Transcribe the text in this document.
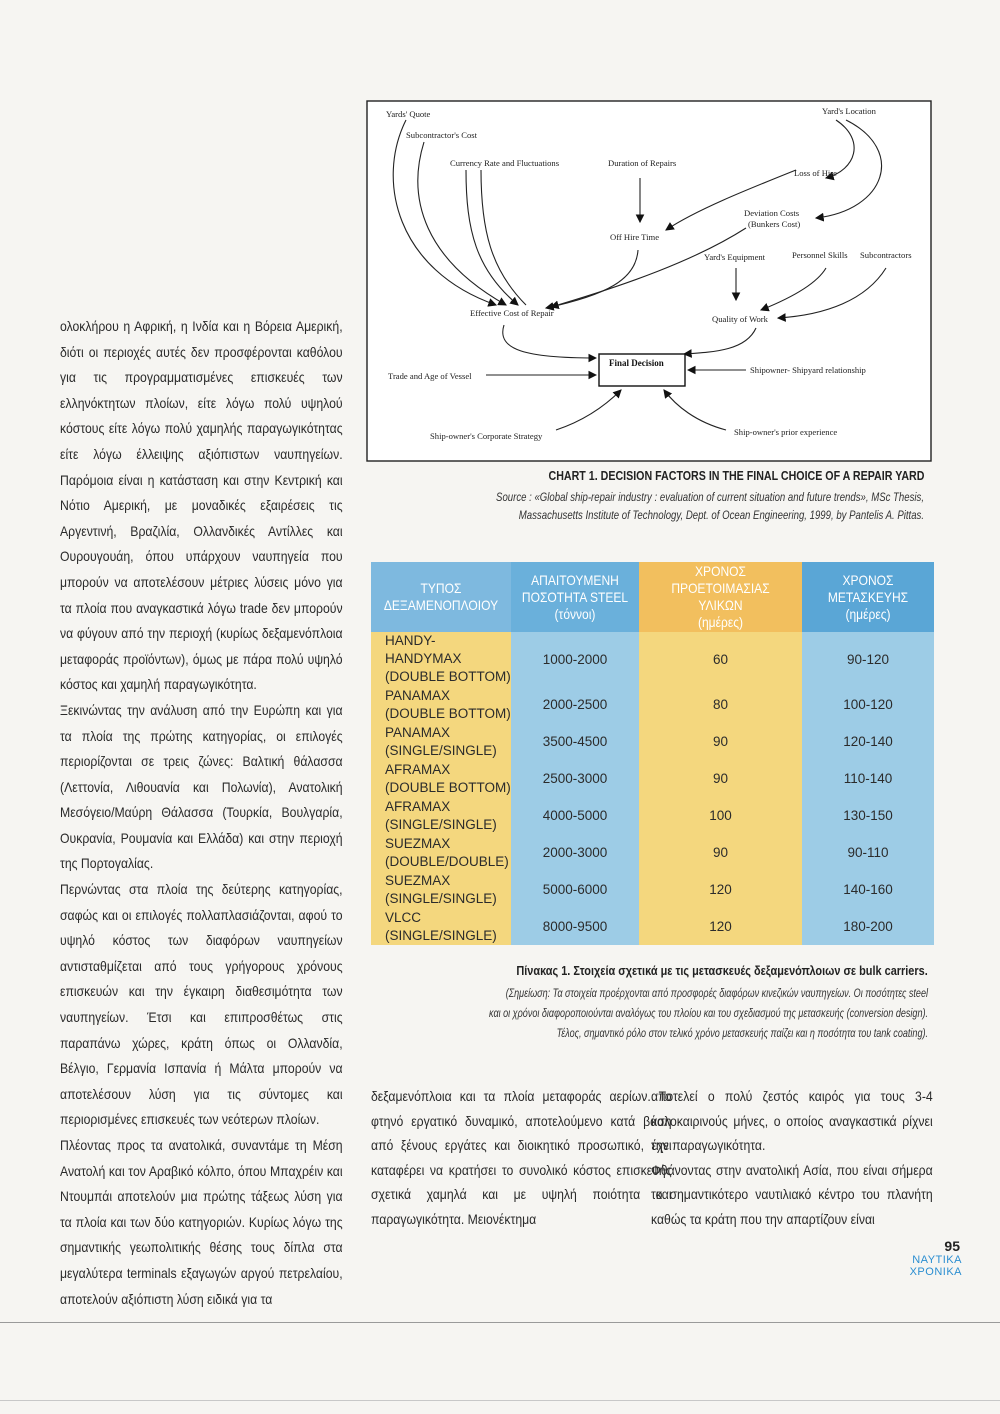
ολοκλήρου η Αφρική, η Ινδία και η Βόρεια Αμερική, διότι οι περιοχές αυτές δεν προσφέρονται καθόλου για τις προγραμματισμένες επισκευές των ελληνόκτητων πλοίων, είτε λόγω πολύ υψηλού κόστους είτε λόγω πολύ χαμηλής παραγωγικότητας είτε λόγω έλλειψης αξιόπιστων ναυπηγείων. Παρόμοια είναι η κατάσταση και στην Κεντρική και Νότιο Αμερική, με μοναδικές εξαιρέσεις τις Αργεντινή, Βραζιλία, Ολλανδικές Αντίλλες και Ουρουγουάη, όπου υπάρχουν ναυπηγεία που μπορούν να αποτελέσουν μέτριες λύσεις μόνο για τα πλοία που αναγκαστικά λόγω trade δεν μπορούν να φύγουν από την περιοχή (κυρίως δεξαμενόπλοια μεταφοράς προϊόντων), όμως με πάρα πολύ υψηλό κόστος και χαμηλή παραγωγικότητα.

Ξεκινώντας την ανάλυση από την Ευρώπη και για τα πλοία της πρώτης κατηγορίας, οι επιλογές περιορίζονται σε τρεις ζώνες: Βαλτική θάλασσα (Λεττονία, Λιθουανία και Πολωνία), Ανατολική Μεσόγειο/Μαύρη Θάλασσα (Τουρκία, Βουλγαρία, Ουκρανία, Ρουμανία και Ελλάδα) και στην περιοχή της Πορτογαλίας.

Περνώντας στα πλοία της δεύτερης κατηγορίας, σαφώς και οι επιλογές πολλαπλασιάζονται, αφού το υψηλό κόστος των διαφόρων ναυπηγείων αντισταθμίζεται από τους γρήγορους χρόνους επισκευών και την έγκαιρη διαθεσιμότητα των ναυπηγείων. Έτσι και επιπροσθέτως στις παραπάνω χώρες, κράτη όπως οι Ολλανδία, Βέλγιο, Γερμανία Ισπανία ή Μάλτα μπορούν να αποτελέσουν λύση για τις σύντομες και περιορισμένες επισκευές των νεότερων πλοίων.

Πλέοντας προς τα ανατολικά, συναντάμε τη Μέση Ανατολή και τον Αραβικό κόλπο, όπου Μπαχρέιν και Ντουμπάι αποτελούν μια πρώτης τάξεως λύση για τα πλοία και των δύο κατηγοριών. Κυρίως λόγω της σημαντικής γεωπολιτικής θέσης τους δίπλα στα μεγαλύτερα terminals εξαγωγών αργού πετρελαίου, αποτελούν αξιόπιστη λύση ειδικά για τα

Yards' Quote
Subcontractor's Cost
Currency Rate and Fluctuations	Duration of Repairs
Yard's Location
Loss of Hire
Deviation Costs
(Bunkers Cost)
Off Hire Time
Yard's Equipment	Personnel Skills Subcontractors
Effective Cost of Repair
Quality of Work
Final Decision
Trade and Age of Vessel
Shipowner- Shipyard relationship
Ship-owner's Corporate Strategy	Ship-owner's prior experience
CHART 1. DECISION FACTORS IN THE FINAL CHOICE OF A REPAIR YARD
Source : «Global ship-repair industry : evaluation of current situation and future trends», MSc Thesis,
Massachusetts Institute of Technology, Dept. of Ocean Engineering, 1999, by Pantelis A. Pittas.
ΤΥΠΟΣ
ΔΕΞΑΜΕΝΟΠΛΟΙΟΥ	ΑΠΑΙΤΟΥΜΕΝΗ
ΠΟΣΟΤΗΤΑ STEEL
(τόννοι)	ΧΡΟΝΟΣ ΠΡΟΕΤΟΙΜΑΣΙΑΣ
ΥΛΙΚΩΝ
(ημέρες)	ΧΡΟΝΟΣ
ΜΕΤΑΣΚΕΥΗΣ
(ημέρες)

HANDY-HANDYMAX
(DOUBLE BOTTOM)	1000-2000	60	90-120

PANAMAX
(DOUBLE BOTTOM)	2000-2500	80	100-120

PANAMAX
(SINGLE/SINGLE)	3500-4500	90	120-140

AFRAMAX
(DOUBLE BOTTOM)	2500-3000	90	110-140

AFRAMAX
(SINGLE/SINGLE)	4000-5000	100	130-150

SUEZMAX
(DOUBLE/DOUBLE)	2000-3000	90	90-110

SUEZMAX
(SINGLE/SINGLE)	5000-6000	120	140-160

VLCC
(SINGLE/SINGLE)	8000-9500	120	180-200
Πίνακας 1. Στοιχεία σχετικά με τις μετασκευές δεξαμενόπλοιων σε bulk carriers.
(Σημείωση: Τα στοιχεία προέρχονται από προσφορές διαφόρων κινεζικών ναυπηγείων. Οι ποσότητες steel
και οι χρόνοι διαφοροποιούνται αναλόγως του πλοίου και του σχεδιασμού της μετασκευής (conversion design).
Τέλος, σημαντικό ρόλο στον τελικό χρόνο μετασκευής παίζει και η ποσότητα του tank coating).

δεξαμενόπλοια και τα πλοία μεταφοράς αερίων. Το φτηνό εργατικό δυναμικό, αποτελούμενο κατά βάση από ξένους εργάτες και διοικητικό προσωπικό, έχει καταφέρει να κρατήσει το συνολικό κόστος επισκευής σχετικά χαμηλά και με υψηλή ποιότητα και παραγωγικότητα. Μειονέκτημα

αποτελεί ο πολύ ζεστός καιρός για τους 3-4 καλοκαιρινούς μήνες, ο οποίος αναγκαστικά ρίχνει την παραγωγικότητα.

Φθάνοντας στην ανατολική Ασία, που είναι σήμερα το σημαντικότερο ναυτιλιακό κέντρο του πλανήτη καθώς τα κράτη που την απαρτίζουν είναι

95
ΝΑΥΤΙΚΑ
ΧΡΟΝΙΚΑ
